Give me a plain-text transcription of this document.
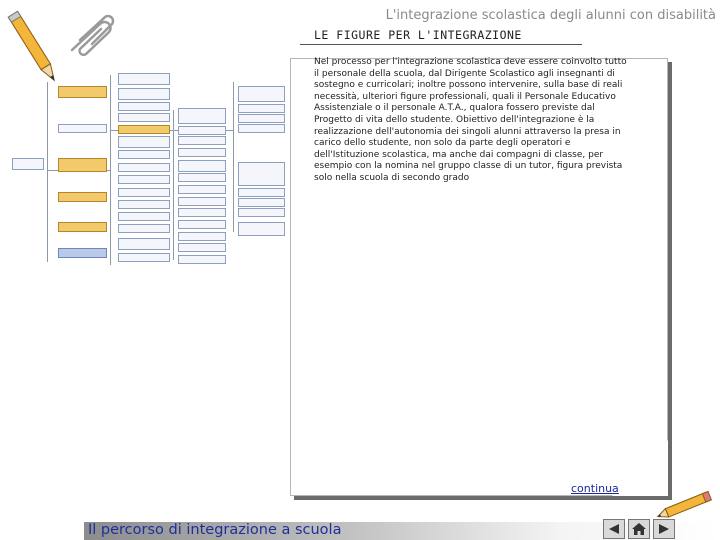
L'integrazione scolastica degli alunni con disabilità
LE FIGURE PER L'INTEGRAZIONE

Nel processo per l'integrazione scolastica deve essere coinvolto tutto il personale della scuola, dal Dirigente Scolastico agli insegnanti di sostegno e curricolari; inoltre possono intervenire, sulla base di reali necessità, ulteriori figure professionali, quali il Personale Educativo Assistenziale o il personale A.T.A., qualora fossero previste dal Progetto di vita dello studente. Obiettivo dell'integrazione è la realizzazione dell'autonomia dei singoli alunni attraverso la presa in carico dello studente, non solo da parte degli operatori e dell'Istituzione scolastica, ma anche dai compagni di classe, per esempio con la nomina nel gruppo classe di un tutor, figura prevista solo nella scuola di secondo grado

continua
Il percorso di integrazione a scuola
